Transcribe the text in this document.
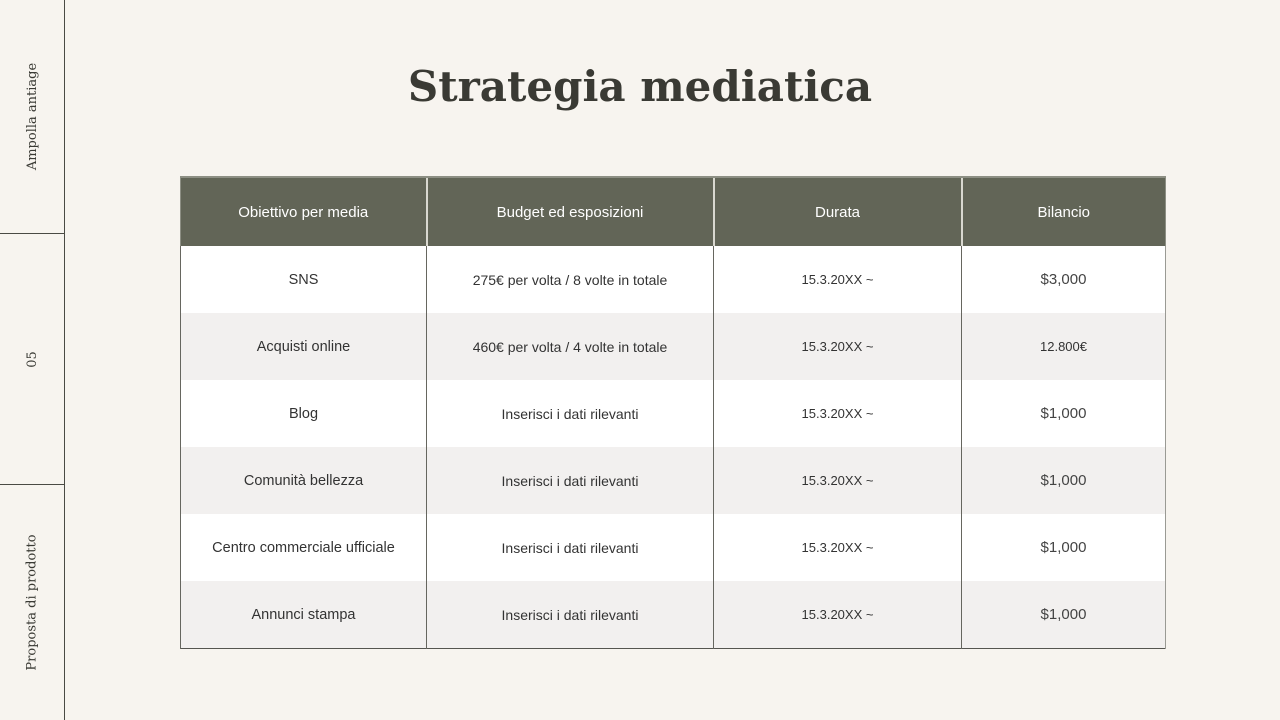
Ampolla antiage
05
Proposta di prodotto
Strategia mediatica
Obiettivo per media	Budget ed esposizioni	Durata	Bilancio
SNS	275€ per volta / 8 volte in totale	15.3.20XX ~	$3,000
Acquisti online	460€ per volta / 4 volte in totale	15.3.20XX ~	12.800€
Blog	Inserisci i dati rilevanti	15.3.20XX ~	$1,000
Comunità bellezza	Inserisci i dati rilevanti	15.3.20XX ~	$1,000
Centro commerciale ufficiale	Inserisci i dati rilevanti	15.3.20XX ~	$1,000
Annunci stampa	Inserisci i dati rilevanti	15.3.20XX ~	$1,000
